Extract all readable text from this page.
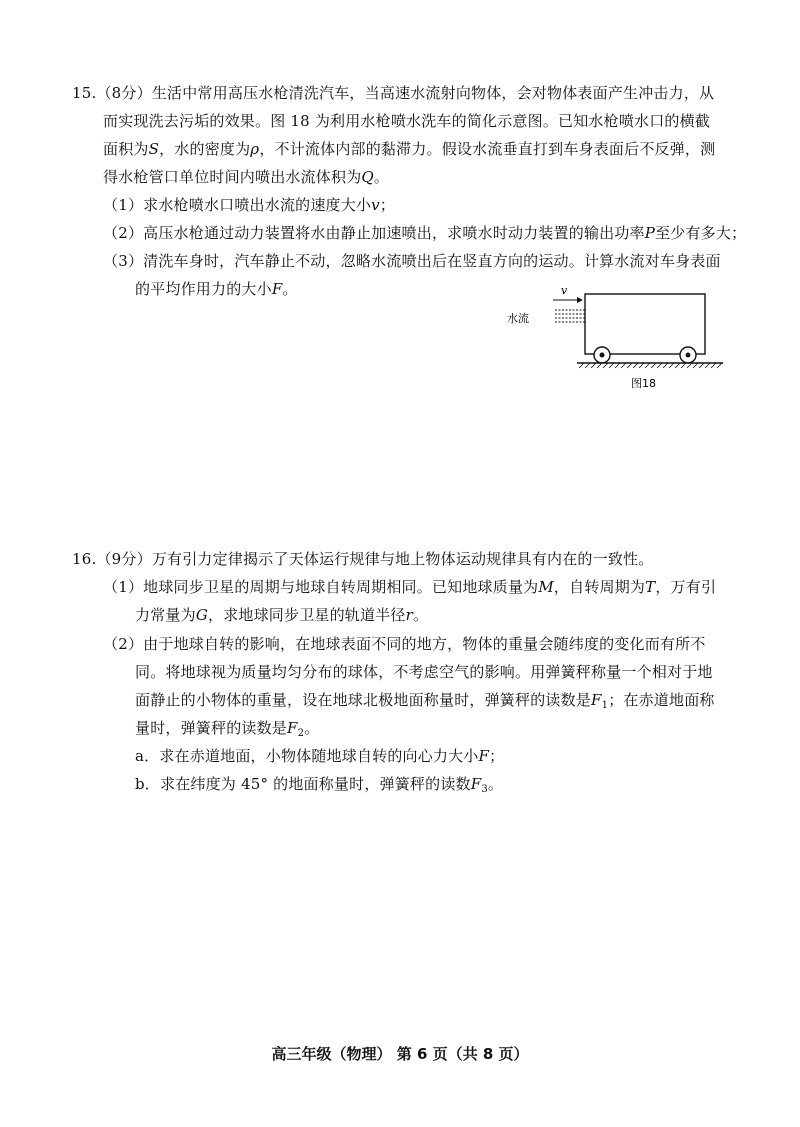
15.（8分）生活中常用高压水枪清洗汽车，当高速水流射向物体，会对物体表面产生冲击力，从
而实现洗去污垢的效果。图 18 为利用水枪喷水洗车的简化示意图。已知水枪喷水口的横截
面积为S，水的密度为ρ，不计流体内部的黏滞力。假设水流垂直打到车身表面后不反弹，测
得水枪管口单位时间内喷出水流体积为Q。
（1）求水枪喷水口喷出水流的速度大小v；
（2）高压水枪通过动力装置将水由静止加速喷出，求喷水时动力装置的输出功率P至少有多大；
（3）清洗车身时，汽车静止不动，忽略水流喷出后在竖直方向的运动。计算水流对车身表面
的平均作用力的大小F。	v
水流
图18
16.（9分）万有引力定律揭示了天体运行规律与地上物体运动规律具有内在的一致性。
（1）地球同步卫星的周期与地球自转周期相同。已知地球质量为M，自转周期为T，万有引
力常量为G，求地球同步卫星的轨道半径r。
（2）由于地球自转的影响，在地球表面不同的地方，物体的重量会随纬度的变化而有所不
同。将地球视为质量均匀分布的球体，不考虑空气的影响。用弹簧秤称量一个相对于地
面静止的小物体的重量，设在地球北极地面称量时，弹簧秤的读数是$F_1$；在赤道地面称
量时，弹簧秤的读数是$F_2$。
a．求在赤道地面，小物体随地球自转的向心力大小F；
b．求在纬度为 45° 的地面称量时，弹簧秤的读数$F_3$。
高三年级（物理） 第 6 页（共 8 页）
